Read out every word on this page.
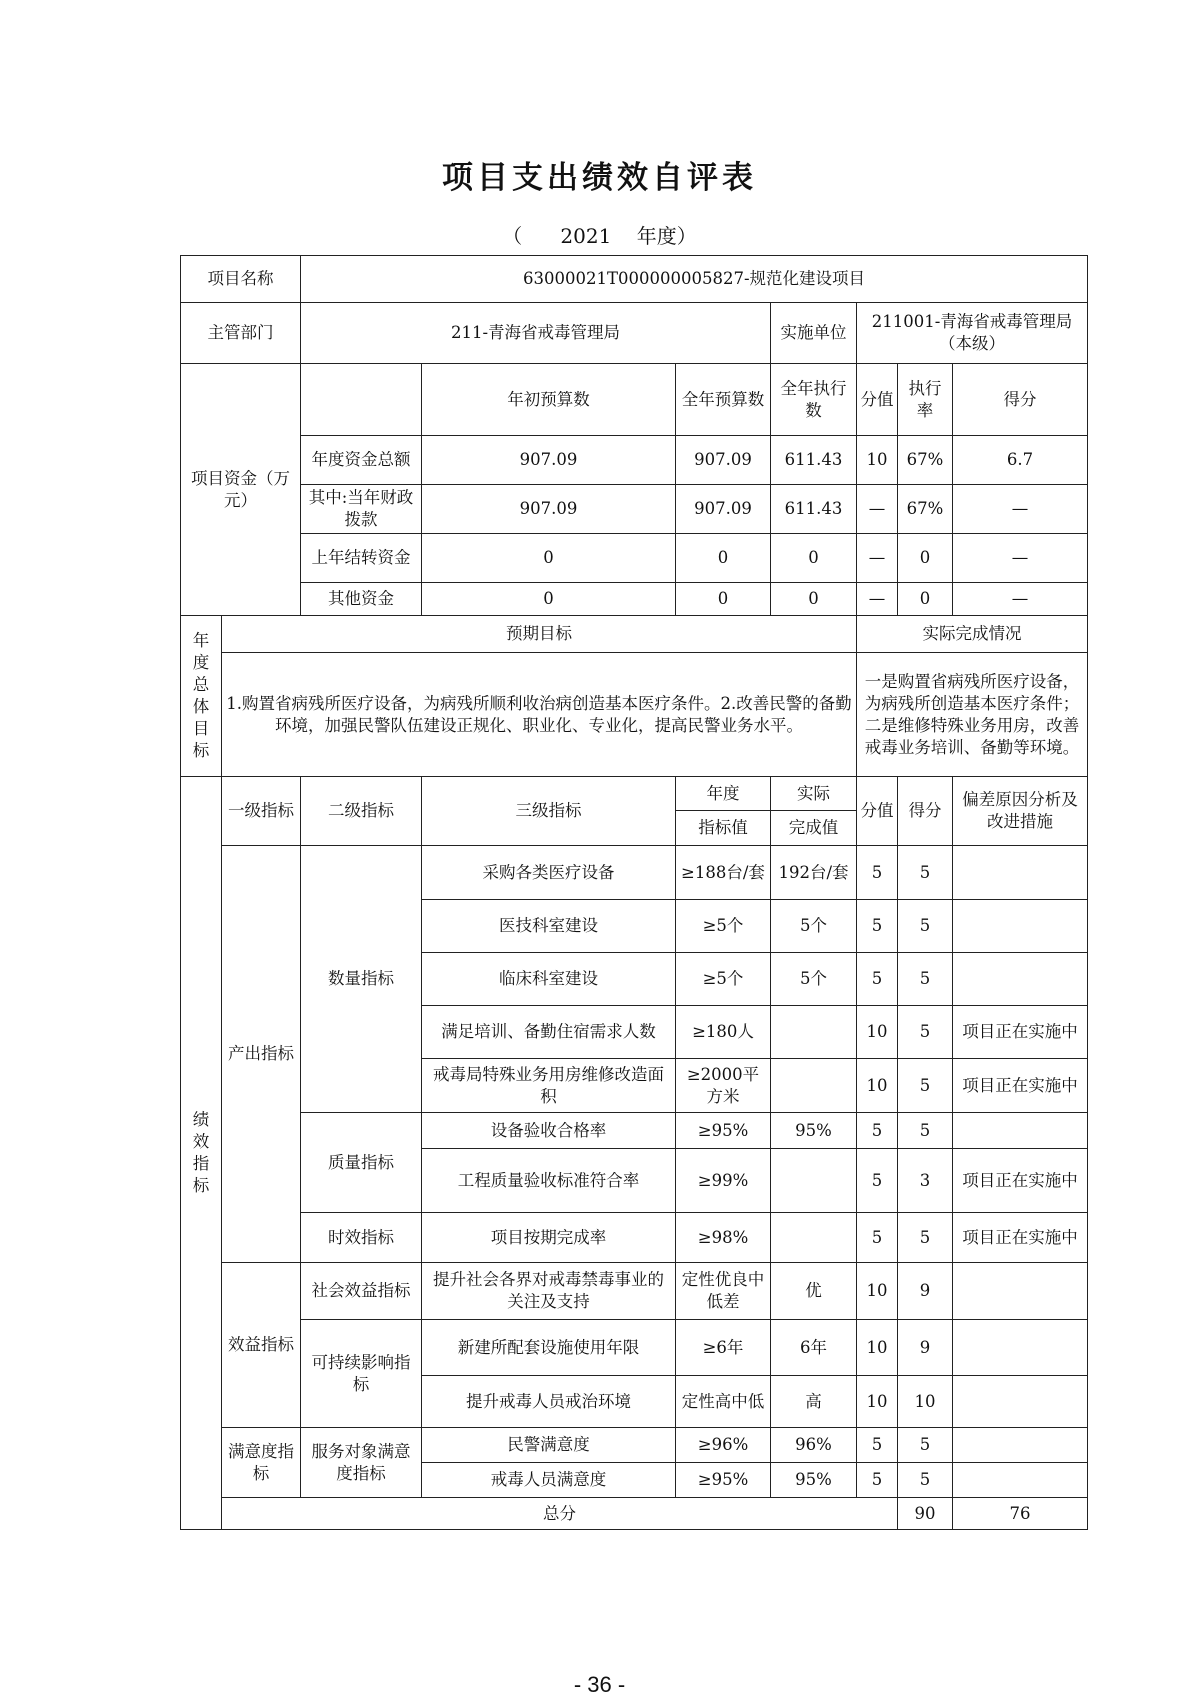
项目支出绩效自评表
（ 2021 年度）
项目名称		63000021T000000005827-规范化建设项目							
主管部门		211-青海省戒毒管理局			实施单位	211001-青海省戒毒管理局（本级）			
项目资金（万元）			年初预算数	全年预算数	全年执行数	分值	执行率	得分	
		年度资金总额	907.09	907.09	611.43	10	67%	6.7	
		其中:当年财政拨款	907.09	907.09	611.43	—	67%	—	
		上年结转资金	0	0	0	—	0	—	
		其他资金	0	0	0	—	0	—	

年度总体目标	预期目标					实际完成情况			
	1.购置省病残所医疗设备，为病残所顺利收治病创造基本医疗条件。2.改善民警的备勤环境，加强民警队伍建设正规化、职业化、专业化，提高民警业务水平。					一是购置省病残所医疗设备，为病残所创造基本医疗条件；二是维修特殊业务用房，改善戒毒业务培训、备勤等环境。			

绩效指标	一级指标	二级指标	三级指标	年度	实际	分值	得分	偏差原因分析及改进措施	
				指标值	完成值				
	产出指标	数量指标	采购各类医疗设备	≥188台/套	192台/套	5	5		
			医技科室建设	≥5个	5个	5	5		
			临床科室建设	≥5个	5个	5	5		
			满足培训、备勤住宿需求人数	≥180人		10	5	项目正在实施中	
			戒毒局特殊业务用房维修改造面积	≥2000平方米		10	5	项目正在实施中	
		质量指标	设备验收合格率	≥95%	95%	5	5		
			工程质量验收标准符合率	≥99%		5	3	项目正在实施中	
		时效指标	项目按期完成率	≥98%		5	5	项目正在实施中	
	效益指标	社会效益指标	提升社会各界对戒毒禁毒事业的关注及支持	定性优良中低差	优	10	9		
		可持续影响指标	新建所配套设施使用年限	≥6年	6年	10	9		
			提升戒毒人员戒治环境	定性高中低	高	10	10		
	满意度指标	服务对象满意度指标	民警满意度	≥96%	96%	5	5		
			戒毒人员满意度	≥95%	95%	5	5		
	总分						90	76	
- 36 -
